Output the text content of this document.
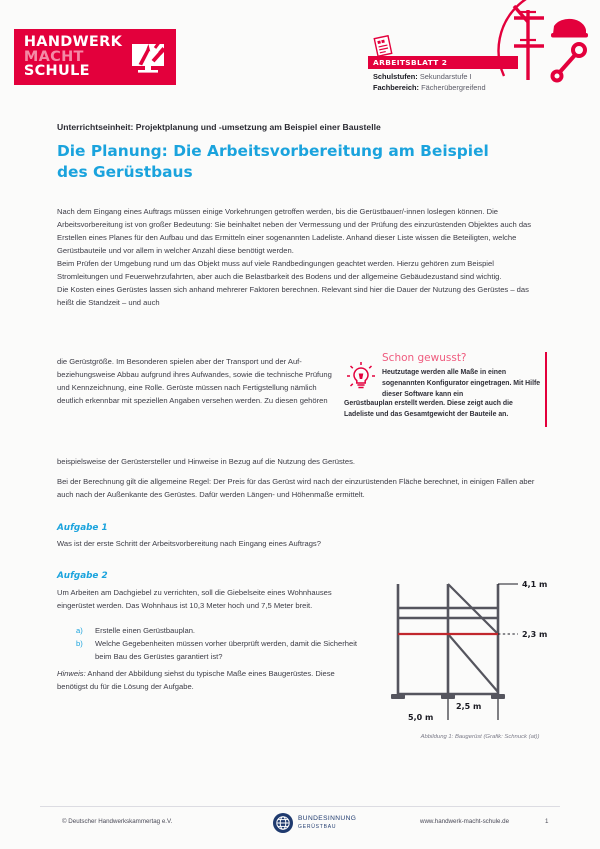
HANDWERK
MACHT
SCHULE
ARBEITSBLATT 2
Schulstufen: Sekundarstufe I
Fachbereich: Fächerübergreifend
Unterrichtseinheit: Projektplanung und -umsetzung am Beispiel einer Baustelle
Die Planung: Die Arbeitsvorbereitung am Beispiel des Gerüstbaus

Nach dem Eingang eines Auftrags müssen einige Vorkehrungen getroffen werden, bis die Gerüstbauer/-innen loslegen können. Die Arbeitsvorbereitung ist von großer Bedeutung: Sie beinhaltet neben der Vermessung und der Prüfung des einzurüstenden Objektes auch das Erstellen eines Planes für den Aufbau und das Ermitteln einer sogenannten Ladeliste. Anhand dieser Liste wissen die Beteiligten, welche Gerüstbauteile und vor allem in welcher Anzahl diese benötigt werden.

Beim Prüfen der Umgebung rund um das Objekt muss auf viele Randbedingungen geachtet werden. Hierzu gehören zum Beispiel Stromleitungen und Feuerwehrzufahrten, aber auch die Belastbarkeit des Bodens und der allgemeine Gebäudezustand sind wichtig.

Die Kosten eines Gerüstes lassen sich anhand mehrerer Faktoren berechnen. Relevant sind hier die Dauer der Nutzung des Gerüstes – das heißt die Standzeit – und auch

die Gerüstgröße. Im Besonderen spielen aber der Transport und der Auf- beziehungsweise Abbau aufgrund ihres Aufwandes, sowie die technische Prüfung und Kennzeichnung, eine Rolle. Gerüste müssen nach Fertigstellung nämlich deutlich erkennbar mit speziellen Angaben versehen werden. Zu diesen gehören

beispielsweise der Gerüstersteller und Hinweise in Bezug auf die Nutzung des Gerüstes.

Bei der Berechnung gilt die allgemeine Regel: Der Preis für das Gerüst wird nach der einzurüstenden Fläche berechnet, in einigen Fällen aber auch nach der Außenkante des Gerüstes. Dafür werden Längen- und Höhenmaße ermittelt.

Schon gewusst?
Heutzutage werden alle Maße in einen sogenannten Konfigurator eingetragen. Mit Hilfe dieser Software kann ein
Gerüstbauplan erstellt werden. Diese zeigt auch die Ladeliste und das Gesamtgewicht der Bauteile an.
Aufgabe 1
Was ist der erste Schritt der Arbeitsvorbereitung nach Eingang eines Auftrags?
Aufgabe 2
Um Arbeiten am Dachgiebel zu verrichten, soll die Giebelseite eines Wohnhauses eingerüstet werden. Das Wohnhaus ist 10,3 Meter hoch und 7,5 Meter breit.
a)	Erstelle einen Gerüstbauplan.
b)	Welche Gegebenheiten müssen vorher überprüft werden, damit die Sicherheit beim Bau des Gerüstes garantiert ist?
Hinweis: Anhand der Abbildung siehst du typische Maße eines Baugerüstes. Diese benötigst du für die Lösung der Aufgabe.
4,1 m
2,3 m
2,5 m
5,0 m
Abbildung 1: Baugerüst (Grafik: Schnuck (at))
© Deutscher Handwerkskammertag e.V.	BUNDESINNUNG
GERÜSTBAU
www.handwerk-macht-schule.de	1
